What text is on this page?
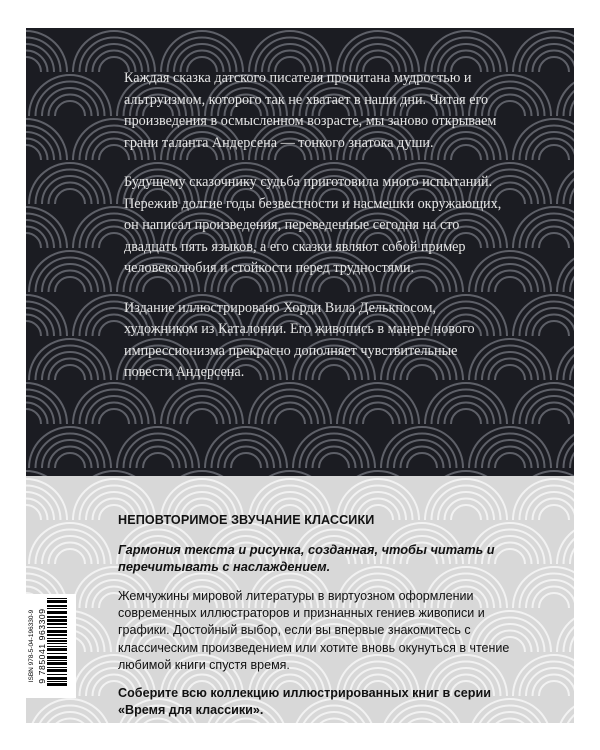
Каждая сказка датского писателя пропитана мудростью и альтруизмом, которого так не хватает в наши дни. Читая его произведения в осмысленном возрасте, мы заново открываем грани таланта Андерсена — тонкого знатока души.

Будущему сказочнику судьба приготовила много испытаний. Пережив долгие годы безвестности и насмешки окружающих, он написал произведения, переведенные сегодня на сто двадцать пять языков, а его сказки являют собой пример человеколюбия и стойкости перед трудностями.

Издание иллюстрировано Хорди Вила Делькпосом, художником из Каталонии. Его живопись в манере нового импрессионизма прекрасно дополняет чувствительные повести Андерсена.

НЕПОВТОРИМОЕ ЗВУЧАНИЕ КЛАССИКИ
Гармония текста и рисунка, созданная, чтобы читать и перечитывать с наслаждением.
Жемчужины мировой литературы в виртуозном оформлении современных иллюстраторов и признанных гениев живописи и графики. Достойный выбор, если вы впервые знакомитесь с классическим произведением или хотите вновь окунуться в чтение любимой книги спустя время.
Соберите всю коллекцию иллюстрированных книг в серии «Время для классики».
ISBN 978-5-04-196330-9 9 785041 963309
